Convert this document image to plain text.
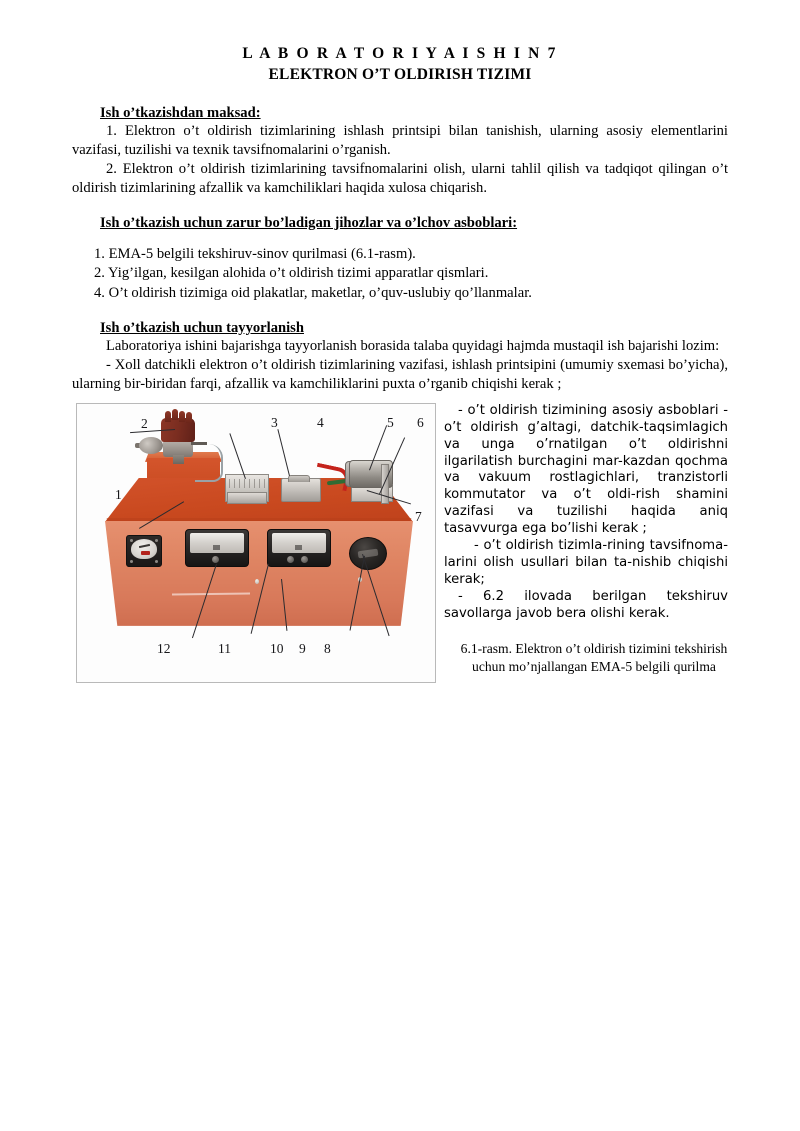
L A B O R A T O R I Y A I S H I N 7
ELEKTRON O’T OLDIRISH TIZIMI
Ish o’tkazishdan maksad:

1. Elektron o’t oldirish tizimlarining ishlash printsipi bilan tanishish, ularning asosiy elementlarini vazifasi, tuzilishi va texnik tavsifnomalarini o’rganish.

2. Elektron o’t oldirish tizimlarining tavsifnomalarini olish, ularni tahlil qilish va tadqiqot qilingan o’t oldirish tizimlarining afzallik va kamchiliklari haqida xulosa chiqarish.

Ish o’tkazish uchun zarur bo’ladigan jihozlar va o’lchov asboblari:

1. EMA-5 belgili tekshiruv-sinov qurilmasi (6.1-rasm).

2. Yig’ilgan, kesilgan alohida o’t oldirish tizimi apparatlar qismlari.

4. O’t oldirish tizimiga oid plakatlar, maketlar, o’quv-uslubiy qo’llanmalar.

Ish o’tkazish uchun tayyorlanish

Laboratoriya ishini bajarishga tayyorlanish borasida talaba quyidagi hajmda mustaqil ish bajarishi lozim:

- Xoll datchikli elektron o’t oldirish tizimlarining vazifasi, ishlash printsipini (umumiy sxemasi bo’yicha), ularning bir-biridan farqi, afzallik va kamchiliklarini puxta o’rganib chiqishi kerak ;

1
2	3	4	5 6
7
8
9
10
11
12

- o’t oldirish tizimining asosiy asboblari - o’t oldirish g’altagi, datchik-taqsimlagich va unga o’rnatilgan o’t oldirishni ilgarilatish burchagini mar-kazdan qochma va vakuum rostlagichlari, tranzistorli kommutator va o’t oldi-rish shamini vazifasi va tuzilishi haqida aniq tasavvurga ega bo’lishi kerak ;

- o’t oldirish tizimla-rining tavsifnoma-larini olish usullari bilan ta-nishib chiqishi kerak;

- 6.2 ilovada berilgan tekshiruv savollarga javob bera olishi kerak.

6.1-rasm. Elektron o’t oldirish tizimini tekshirish
uchun mo’njallangan EMA-5 belgili qurilma
